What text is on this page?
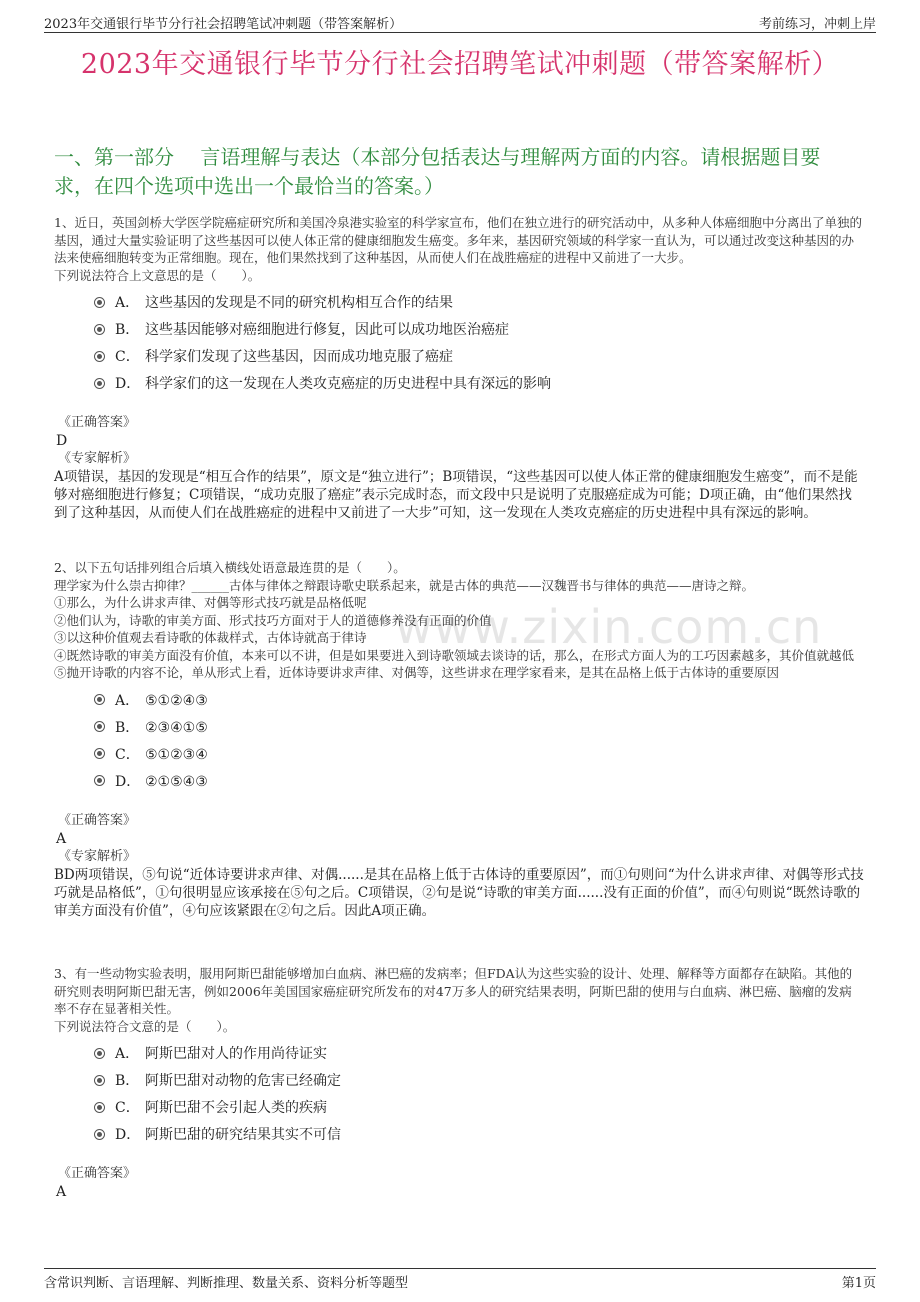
2023年交通银行毕节分行社会招聘笔试冲刺题（带答案解析）	考前练习，冲刺上岸
2023年交通银行毕节分行社会招聘笔试冲刺题（带答案解析）
一、第一部分　 言语理解与表达（本部分包括表达与理解两方面的内容。请根据题目要求，在四个选项中选出一个最恰当的答案。）
www.zixin.com.cn
1、近日，英国剑桥大学医学院癌症研究所和美国冷泉港实验室的科学家宣布，他们在独立进行的研究活动中，从多种人体癌细胞中分离出了单独的基因，通过大量实验证明了这些基因可以使人体正常的健康细胞发生癌变。多年来，基因研究领域的科学家一直认为，可以通过改变这种基因的办法来使癌细胞转变为正常细胞。现在，他们果然找到了这种基因，从而使人们在战胜癌症的进程中又前进了一大步。
下列说法符合上文意思的是（　　）。
A． 这些基因的发现是不同的研究机构相互合作的结果
B． 这些基因能够对癌细胞进行修复，因此可以成功地医治癌症
C． 科学家们发现了这些基因，因而成功地克服了癌症
D． 科学家们的这一发现在人类攻克癌症的历史进程中具有深远的影响
《正确答案》
D
《专家解析》
A项错误，基因的发现是“相互合作的结果”，原文是“独立进行”；B项错误，“这些基因可以使人体正常的健康细胞发生癌变”，而不是能够对癌细胞进行修复；C项错误，“成功克服了癌症”表示完成时态，而文段中只是说明了克服癌症成为可能；D项正确，由“他们果然找到了这种基因，从而使人们在战胜癌症的进程中又前进了一大步”可知，这一发现在人类攻克癌症的历史进程中具有深远的影响。
2、以下五句话排列组合后填入横线处语意最连贯的是（　　）。
理学家为什么崇古抑律？______古体与律体之辩跟诗歌史联系起来，就是古体的典范——汉魏晋书与律体的典范——唐诗之辩。
①那么，为什么讲求声律、对偶等形式技巧就是品格低呢
②他们认为，诗歌的审美方面、形式技巧方面对于人的道德修养没有正面的价值
③以这种价值观去看诗歌的体裁样式，古体诗就高于律诗
④既然诗歌的审美方面没有价值，本来可以不讲，但是如果要进入到诗歌领域去谈诗的话，那么，在形式方面人为的工巧因素越多，其价值就越低
⑤抛开诗歌的内容不论，单从形式上看，近体诗要讲求声律、对偶等，这些讲求在理学家看来，是其在品格上低于古体诗的重要原因
A． ⑤①②④③
B． ②③④①⑤
C． ⑤①②③④
D． ②①⑤④③
《正确答案》
A
《专家解析》
BD两项错误，⑤句说“近体诗要讲求声律、对偶......是其在品格上低于古体诗的重要原因”，而①句则问“为什么讲求声律、对偶等形式技巧就是品格低”，①句很明显应该承接在⑤句之后。C项错误，②句是说“诗歌的审美方面......没有正面的价值”，而④句则说“既然诗歌的审美方面没有价值”，④句应该紧跟在②句之后。因此A项正确。
3、有一些动物实验表明，服用阿斯巴甜能够增加白血病、淋巴癌的发病率；但FDA认为这些实验的设计、处理、解释等方面都存在缺陷。其他的研究则表明阿斯巴甜无害，例如2006年美国国家癌症研究所发布的对47万多人的研究结果表明，阿斯巴甜的使用与白血病、淋巴癌、脑瘤的发病率不存在显著相关性。
下列说法符合文意的是（　　）。
A． 阿斯巴甜对人的作用尚待证实
B． 阿斯巴甜对动物的危害已经确定
C． 阿斯巴甜不会引起人类的疾病
D． 阿斯巴甜的研究结果其实不可信
《正确答案》
A
含常识判断、言语理解、判断推理、数量关系、资料分析等题型	第1页
